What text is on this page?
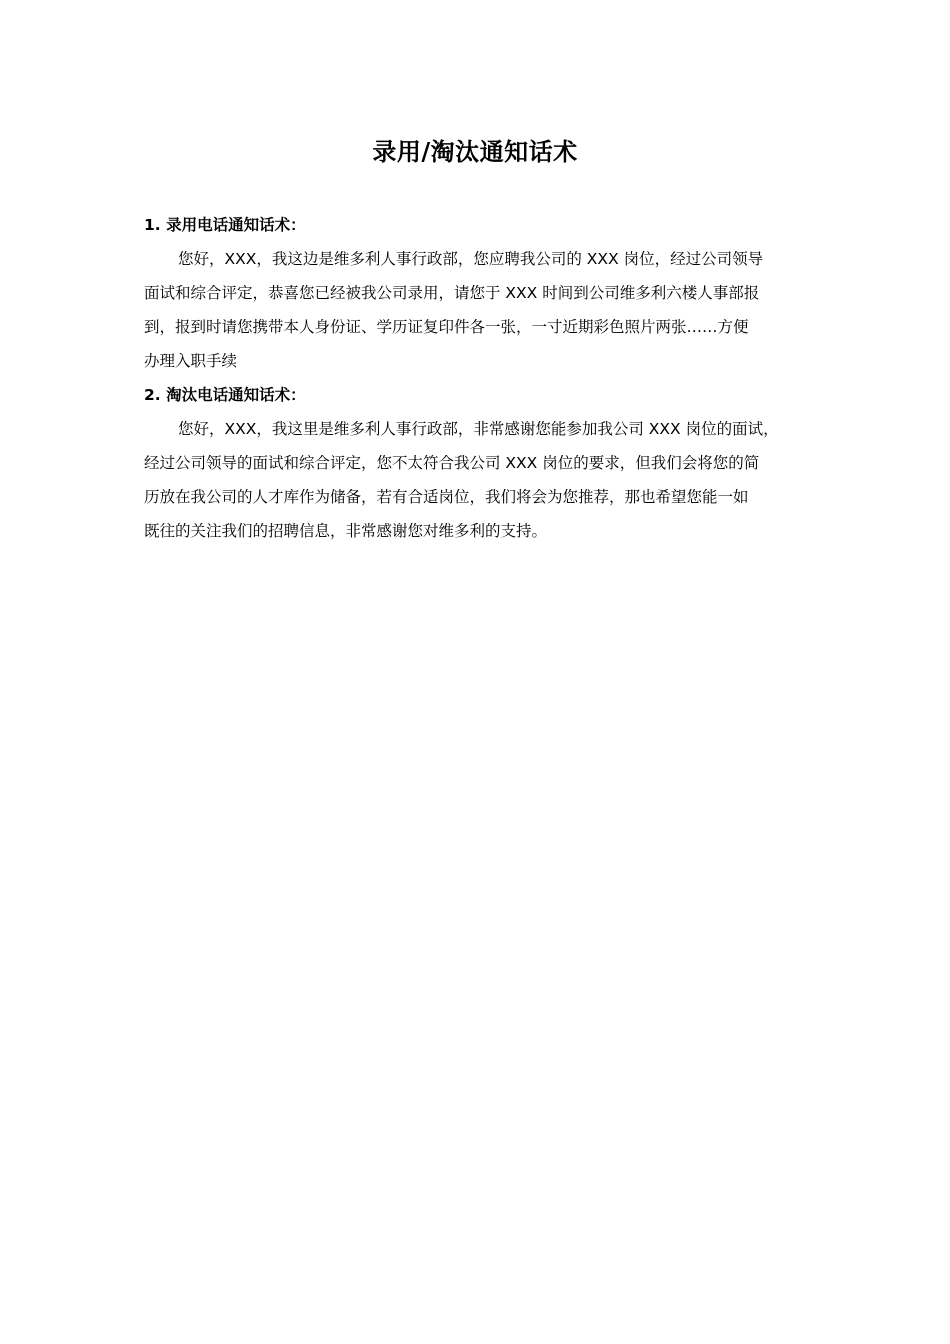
录用/淘汰通知话术

1. 录用电话通知话术：

您好，XXX，我这边是维多利人事行政部，您应聘我公司的 XXX 岗位，经过公司领导
面试和综合评定，恭喜您已经被我公司录用，请您于 XXX 时间到公司维多利六楼人事部报
到，报到时请您携带本人身份证、学历证复印件各一张，一寸近期彩色照片两张……方便
办理入职手续

2. 淘汰电话通知话术：

您好，XXX，我这里是维多利人事行政部，非常感谢您能参加我公司 XXX 岗位的面试，
经过公司领导的面试和综合评定，您不太符合我公司 XXX 岗位的要求，但我们会将您的简
历放在我公司的人才库作为储备，若有合适岗位，我们将会为您推荐，那也希望您能一如
既往的关注我们的招聘信息，非常感谢您对维多利的支持。
